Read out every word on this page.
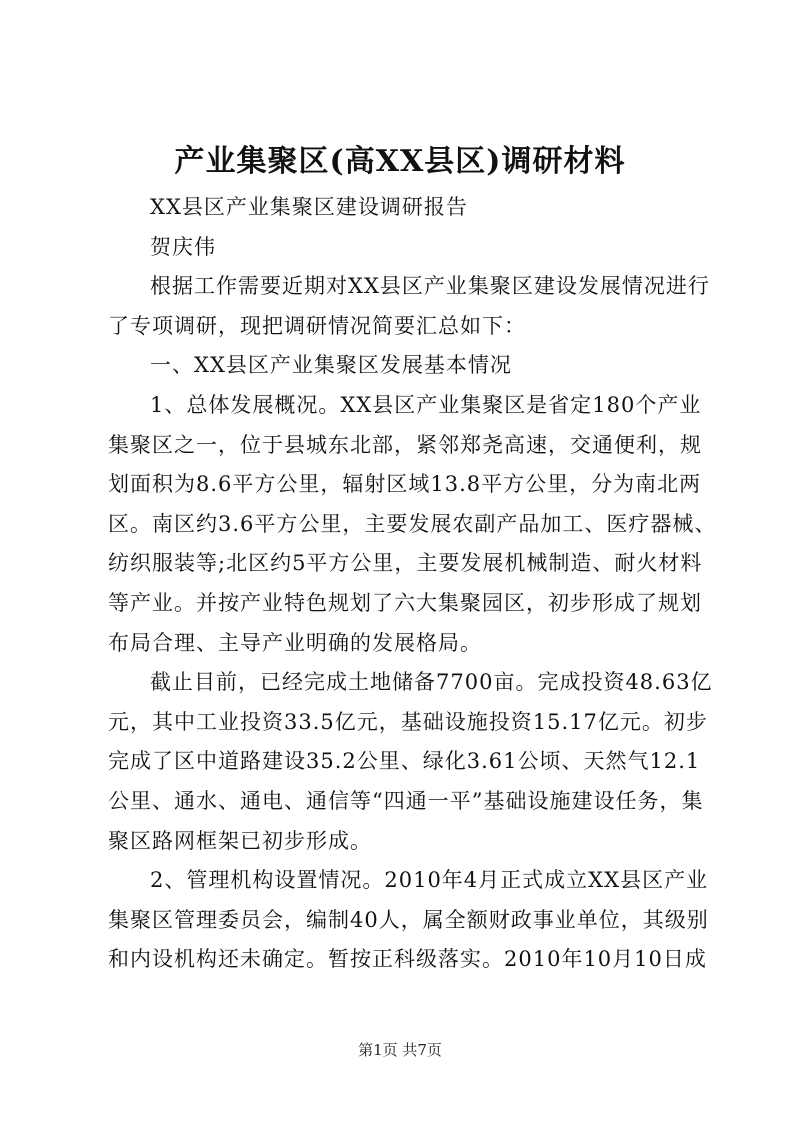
产业集聚区(高XX县区)调研材料

XX县区产业集聚区建设调研报告

贺庆伟

根据工作需要近期对XX县区产业集聚区建设发展情况进行了专项调研，现把调研情况简要汇总如下：

一、XX县区产业集聚区发展基本情况

1、总体发展概况。XX县区产业集聚区是省定180个产业集聚区之一，位于县城东北部，紧邻郑尧高速，交通便利，规划面积为8.6平方公里，辐射区域13.8平方公里，分为南北两区。南区约3.6平方公里，主要发展农副产品加工、医疗器械、纺织服装等;北区约5平方公里，主要发展机械制造、耐火材料等产业。并按产业特色规划了六大集聚园区，初步形成了规划布局合理、主导产业明确的发展格局。

截止目前，已经完成土地储备7700亩。完成投资48.63亿元，其中工业投资33.5亿元，基础设施投资15.17亿元。初步完成了区中道路建设35.2公里、绿化3.61公顷、天然气12.1公里、通水、通电、通信等“四通一平”基础设施建设任务，集聚区路网框架已初步形成。

2、管理机构设置情况。2010年4月正式成立XX县区产业集聚区管理委员会，编制40人，属全额财政事业单位，其级别和内设机构还未确定。暂按正科级落实。2010年10月10日成

第1页 共7页
